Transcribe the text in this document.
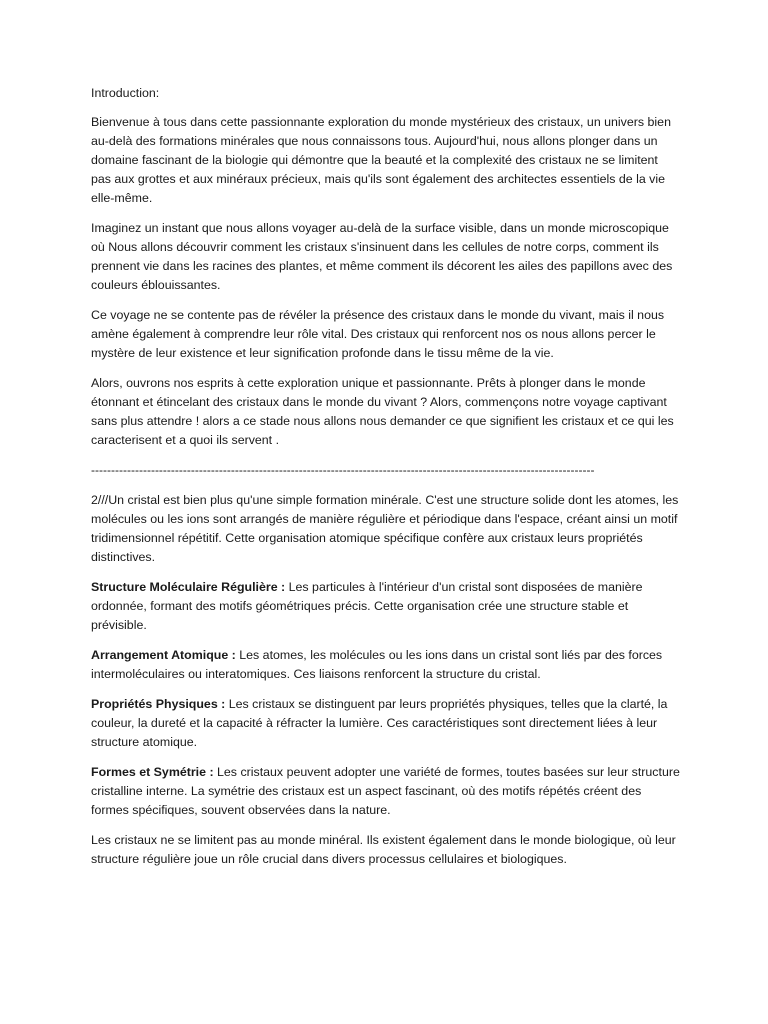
Introduction:

Bienvenue à tous dans cette passionnante exploration du monde mystérieux des cristaux, un univers bien au-delà des formations minérales que nous connaissons tous. Aujourd'hui, nous allons plonger dans un domaine fascinant de la biologie qui démontre que la beauté et la complexité des cristaux ne se limitent pas aux grottes et aux minéraux précieux, mais qu'ils sont également des architectes essentiels de la vie elle-même.

Imaginez un instant que nous allons voyager au-delà de la surface visible, dans un monde microscopique où Nous allons découvrir comment les cristaux s'insinuent dans les cellules de notre corps, comment ils prennent vie dans les racines des plantes, et même comment ils décorent les ailes des papillons avec des couleurs éblouissantes.

Ce voyage ne se contente pas de révéler la présence des cristaux dans le monde du vivant, mais il nous amène également à comprendre leur rôle vital. Des cristaux qui renforcent nos os nous allons percer le mystère de leur existence et leur signification profonde dans le tissu même de la vie.

Alors, ouvrons nos esprits à cette exploration unique et passionnante. Prêts à plonger dans le monde étonnant et étincelant des cristaux dans le monde du vivant ? Alors, commençons notre voyage captivant sans plus attendre ! alors a ce stade nous allons nous demander ce que signifient les cristaux et ce qui les caracterisent et a quoi ils servent .

------------------------------------------------------------------------------------------------------------------------------

2///Un cristal est bien plus qu'une simple formation minérale. C'est une structure solide dont les atomes, les molécules ou les ions sont arrangés de manière régulière et périodique dans l'espace, créant ainsi un motif tridimensionnel répétitif. Cette organisation atomique spécifique confère aux cristaux leurs propriétés distinctives.

Structure Moléculaire Régulière : Les particules à l'intérieur d'un cristal sont disposées de manière ordonnée, formant des motifs géométriques précis. Cette organisation crée une structure stable et prévisible.

Arrangement Atomique : Les atomes, les molécules ou les ions dans un cristal sont liés par des forces intermoléculaires ou interatomiques. Ces liaisons renforcent la structure du cristal.

Propriétés Physiques : Les cristaux se distinguent par leurs propriétés physiques, telles que la clarté, la couleur, la dureté et la capacité à réfracter la lumière. Ces caractéristiques sont directement liées à leur structure atomique.

Formes et Symétrie : Les cristaux peuvent adopter une variété de formes, toutes basées sur leur structure cristalline interne. La symétrie des cristaux est un aspect fascinant, où des motifs répétés créent des formes spécifiques, souvent observées dans la nature.

Les cristaux ne se limitent pas au monde minéral. Ils existent également dans le monde biologique, où leur structure régulière joue un rôle crucial dans divers processus cellulaires et biologiques.
